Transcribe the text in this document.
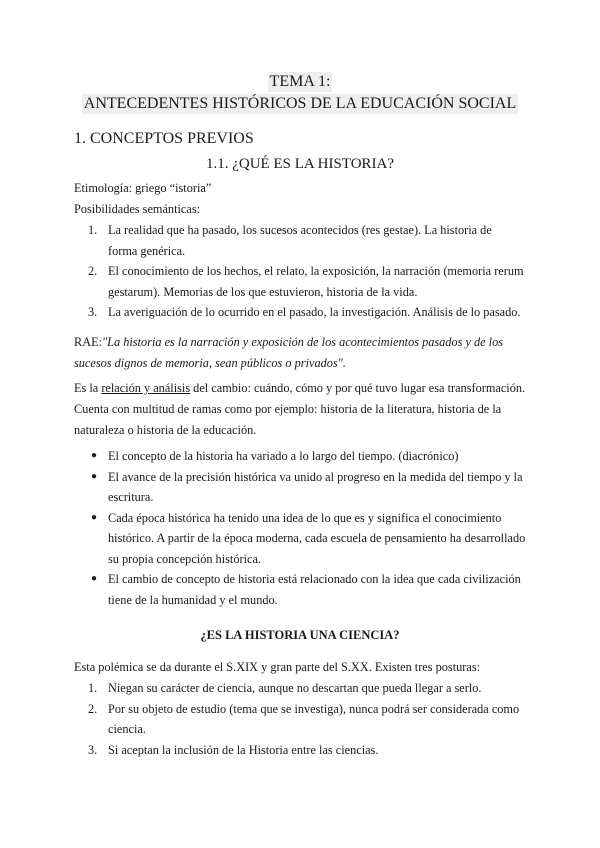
TEMA 1:
ANTECEDENTES HISTÓRICOS DE LA EDUCACIÓN SOCIAL
1. CONCEPTOS PREVIOS
1.1. ¿QUÉ ES LA HISTORIA?
Etimología: griego “istoria”
Posibilidades semánticas:
1. La realidad que ha pasado, los sucesos acontecidos (res gestae). La historia de forma genérica.
2. El conocimiento de los hechos, el relato, la exposición, la narración (memoria rerum gestarum). Memorias de los que estuvieron, historia de la vida.
3. La averiguación de lo ocurrido en el pasado, la investigación. Análisis de lo pasado.
RAE:"La historia es la narración y exposición de los acontecimientos pasados y de los sucesos dignos de memoria, sean públicos o privados".
Es la relación y análisis del cambio: cuándo, cómo y por qué tuvo lugar esa transformación. Cuenta con multitud de ramas como por ejemplo: historia de la literatura, historia de la naturaleza o historia de la educación.
● El concepto de la historia ha variado a lo largo del tiempo. (diacrónico)
● El avance de la precisión histórica va unido al progreso en la medida del tiempo y la escritura.
● Cada época histórica ha tenido una idea de lo que es y significa el conocimiento histórico. A partir de la época moderna, cada escuela de pensamiento ha desarrollado su propia concepción histórica.
● El cambio de concepto de historia está relacionado con la idea que cada civilización tiene de la humanidad y el mundo.
¿ES LA HISTORIA UNA CIENCIA?
Esta polémica se da durante el S.XIX y gran parte del S.XX. Existen tres posturas:
1. Niegan su carácter de ciencia, aunque no descartan que pueda llegar a serlo.
2. Por su objeto de estudio (tema que se investiga), nunca podrá ser considerada como ciencia.
3. Si aceptan la inclusión de la Historia entre las ciencias.
